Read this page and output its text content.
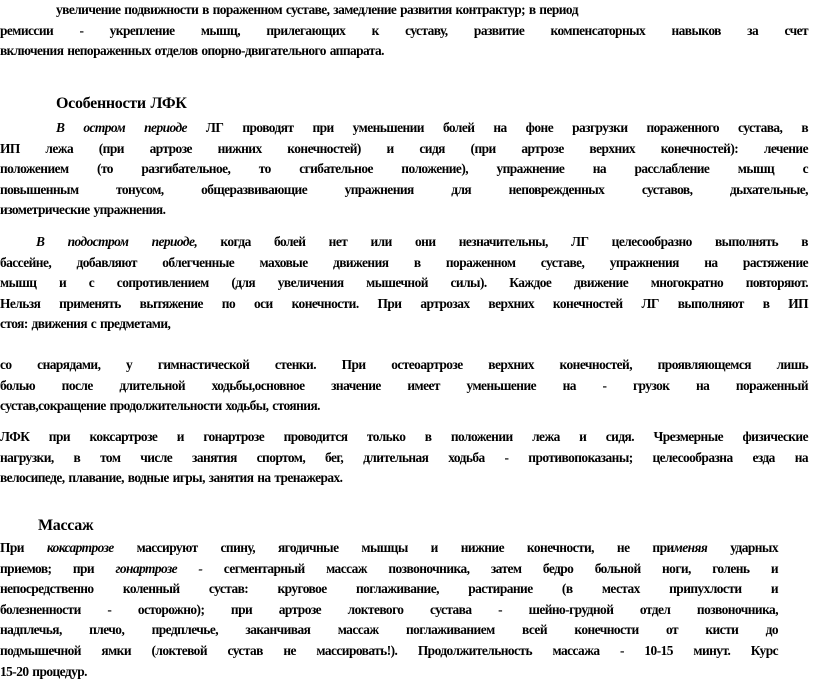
увеличение подвижности в пораженном суставе, замедление развития контрактур; в период
ремиссии - укрепление мышц, прилегающих к суставу, развитие компенсаторных навыков за счет
включения непораженных отделов опорно-двигательного аппарата.
Особенности ЛФК
В остром периоде ЛГ проводят при уменьшении болей на фоне разгрузки пораженного сустава, в
ИП лежа (при артрозе нижних конечностей) и сидя (при артрозе верхних конечностей): лечение
положением (то разгибательное, то сгибательное положение), упражнение на расслабление мышц с
повышенным тонусом, общеразвивающие упражнения для неповрежденных суставов, дыхательные,
изометрические упражнения.
В подостром периоде, когда болей нет или они незначительны, ЛГ целесообразно выполнять в
бассейне, добавляют облегченные маховые движения в пораженном суставе, упражнения на растяжение
мышц и с сопротивлением (для увеличения мышечной силы). Каждое движение многократно повторяют.
Нельзя применять вытяжение по оси конечности. При артрозах верхних конечностей ЛГ выполняют в ИП
стоя: движения с предметами,
со снарядами, у гимнастической стенки. При остеоартрозе верхних конечностей, проявляющемся лишь
болью после длительной ходьбы,основное значение имеет уменьшение на - грузок на пораженный
сустав,сокращение продолжительности ходьбы, стояния.
ЛФК при коксартрозе и гонартрозе проводится только в положении лежа и сидя. Чрезмерные физические
нагрузки, в том числе занятия спортом, бег, длительная ходьба - противопоказаны; целесообразна езда на
велосипеде, плавание, водные игры, занятия на тренажерах.
Массаж
При коксартрозе массируют спину, ягодичные мышцы и нижние конечности, не применяя ударных
приемов; при гонартрозе - сегментарный массаж позвоночника, затем бедро больной ноги, голень и
непосредственно коленный сустав: круговое поглаживание, растирание (в местах припухлости и
болезненности - осторожно); при артрозе локтевого сустава - шейно-грудной отдел позвоночника,
надплечья, плечо, предплечье, заканчивая массаж поглаживанием всей конечности от кисти до
подмышечной ямки (локтевой сустав не массировать!). Продолжительность массажа - 10-15 минут. Курс
15-20 процедур.
